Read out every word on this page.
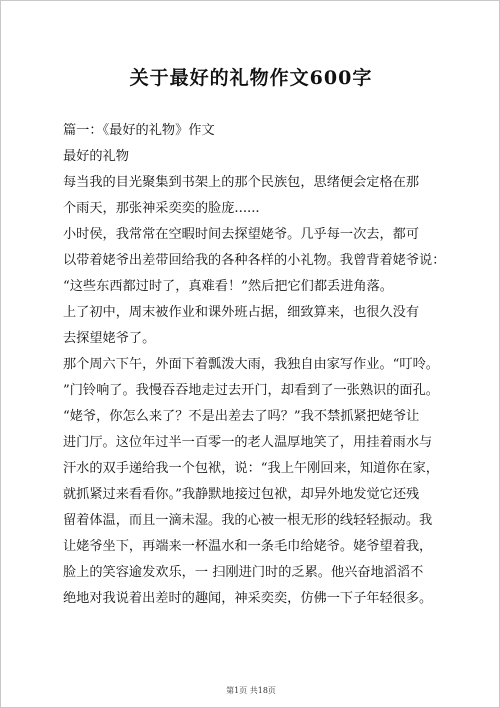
关于最好的礼物作文600字
篇一：《最好的礼物》作文
最好的礼物
每当我的目光聚集到书架上的那个民族包，思绪便会定格在那
个雨天，那张神采奕奕的脸庞......
小时侯，我常常在空暇时间去探望姥爷。几乎每一次去，都可
以带着姥爷出差带回给我的各种各样的小礼物。我曾背着姥爷说：
“这些东西都过时了，真难看！”然后把它们都丢进角落。
上了初中，周末被作业和课外班占据，细致算来，也很久没有
去探望姥爷了。
那个周六下午，外面下着瓢泼大雨，我独自由家写作业。“叮呤。
”门铃响了。我慢吞吞地走过去开门，却看到了一张熟识的面孔。
“姥爷，你怎么来了？不是出差去了吗？”我不禁抓紧把姥爷让
进门厅。这位年过半一百零一的老人温厚地笑了，用挂着雨水与
汗水的双手递给我一个包袱，说：“我上午刚回来，知道你在家，
就抓紧过来看看你。”我静默地接过包袱，却异外地发觉它还残
留着体温，而且一滴未湿。我的心被一根无形的线轻轻振动。我
让姥爷坐下，再端来一杯温水和一条毛巾给姥爷。姥爷望着我，
脸上的笑容逾发欢乐，一 扫刚进门时的乏累。他兴奋地滔滔不
绝地对我说着出差时的趣闻，神采奕奕，仿佛一下子年轻很多。
第1页 共18页
